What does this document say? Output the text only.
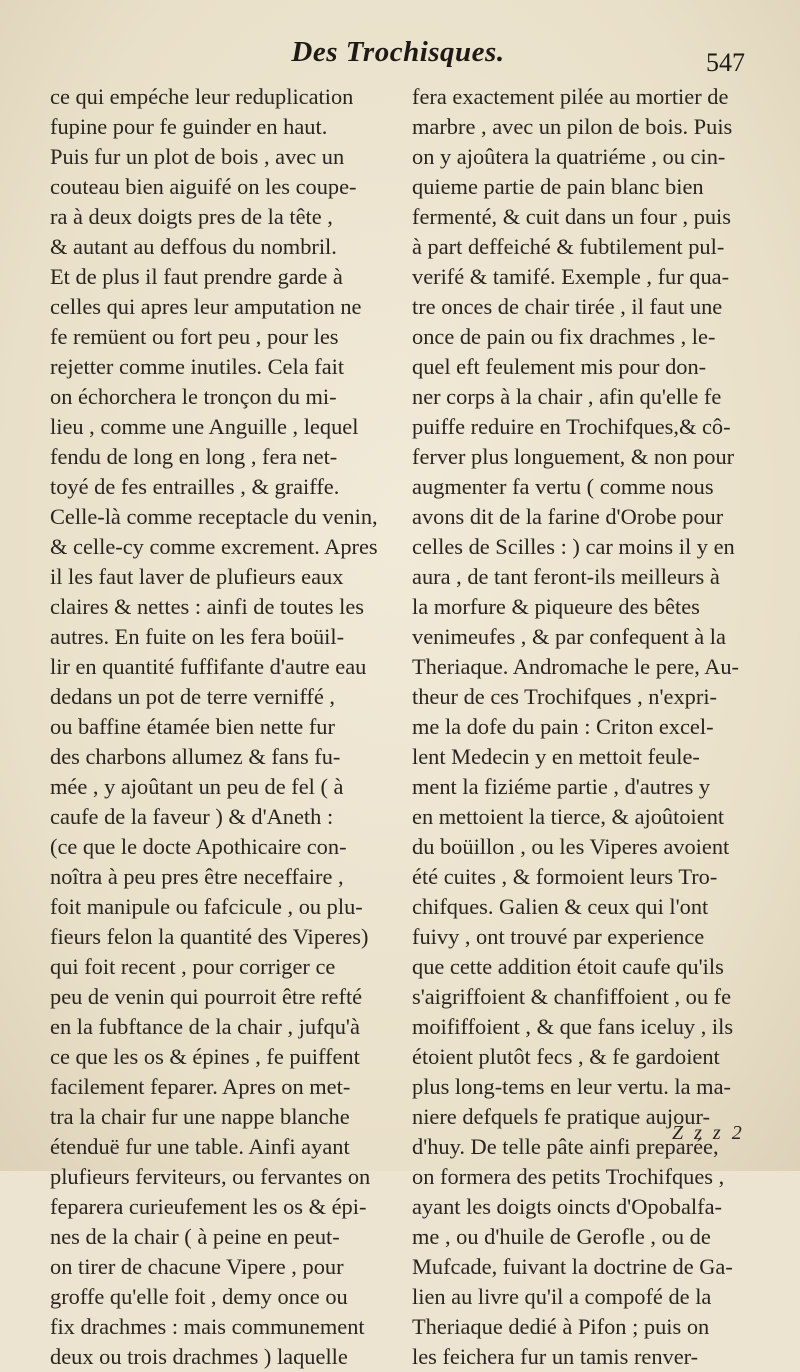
Des Trochisques.	547
ce qui empéche leur reduplication
fupine pour fe guinder en haut.
Puis fur un plot de bois , avec un
couteau bien aiguifé on les coupe-
ra à deux doigts pres de la tête ,
& autant au deffous du nombril.
Et de plus il faut prendre garde à
celles qui apres leur amputation ne
fe remüent ou fort peu , pour les
rejetter comme inutiles. Cela fait
on échorchera le tronçon du mi-
lieu , comme une Anguille , lequel
fendu de long en long , fera net-
toyé de fes entrailles , & graiffe.
Celle-là comme receptacle du venin,
& celle-cy comme excrement. Apres
il les faut laver de plufieurs eaux
claires & nettes : ainfi de toutes les
autres. En fuite on les fera boüil-
lir en quantité fuffifante d'autre eau
dedans un pot de terre verniffé ,
ou baffine étamée bien nette fur
des charbons allumez & fans fu-
mée , y ajoûtant un peu de fel ( à
caufe de la faveur ) & d'Aneth :
(ce que le docte Apothicaire con-
noîtra à peu pres être neceffaire ,
foit manipule ou fafcicule , ou plu-
fieurs felon la quantité des Viperes)
qui foit recent , pour corriger ce
peu de venin qui pourroit être refté
en la fubftance de la chair , jufqu'à
ce que les os & épines , fe puiffent
facilement feparer. Apres on met-
tra la chair fur une nappe blanche
étenduë fur une table. Ainfi ayant
plufieurs ferviteurs, ou fervantes on
feparera curieufement les os & épi-
nes de la chair ( à peine en peut-
on tirer de chacune Vipere , pour
groffe qu'elle foit , demy once ou
fix drachmes : mais communement
deux ou trois drachmes ) laquelle
fera exactement pilée au mortier de
marbre , avec un pilon de bois. Puis
on y ajoûtera la quatriéme , ou cin-
quieme partie de pain blanc bien
fermenté, & cuit dans un four , puis
à part deffeiché & fubtilement pul-
verifé & tamifé. Exemple , fur qua-
tre onces de chair tirée , il faut une
once de pain ou fix drachmes , le-
quel eft feulement mis pour don-
ner corps à la chair , afin qu'elle fe
puiffe reduire en Trochifques,& cô-
ferver plus longuement, & non pour
augmenter fa vertu ( comme nous
avons dit de la farine d'Orobe pour
celles de Scilles : ) car moins il y en
aura , de tant feront-ils meilleurs à
la morfure & piqueure des bêtes
venimeufes , & par confequent à la
Theriaque. Andromache le pere, Au-
theur de ces Trochifques , n'expri-
me la dofe du pain : Criton excel-
lent Medecin y en mettoit feule-
ment la fiziéme partie , d'autres y
en mettoient la tierce, & ajoûtoient
du boüillon , ou les Viperes avoient
été cuites , & formoient leurs Tro-
chifques. Galien & ceux qui l'ont
fuivy , ont trouvé par experience
que cette addition étoit caufe qu'ils
s'aigriffoient & chanfiffoient , ou fe
moififfoient , & que fans iceluy , ils
étoient plutôt fecs , & fe gardoient
plus long-tems en leur vertu. la ma-
niere defquels fe pratique aujour-
d'huy. De telle pâte ainfi preparée,
on formera des petits Trochifques ,
ayant les doigts oincts d'Opobalfa-
me , ou d'huile de Gerofle , ou de
Mufcade, fuivant la doctrine de Ga-
lien au livre qu'il a compofé de la
Theriaque dedié à Pifon ; puis on
les feichera fur un tamis renver-
Z z z 2
